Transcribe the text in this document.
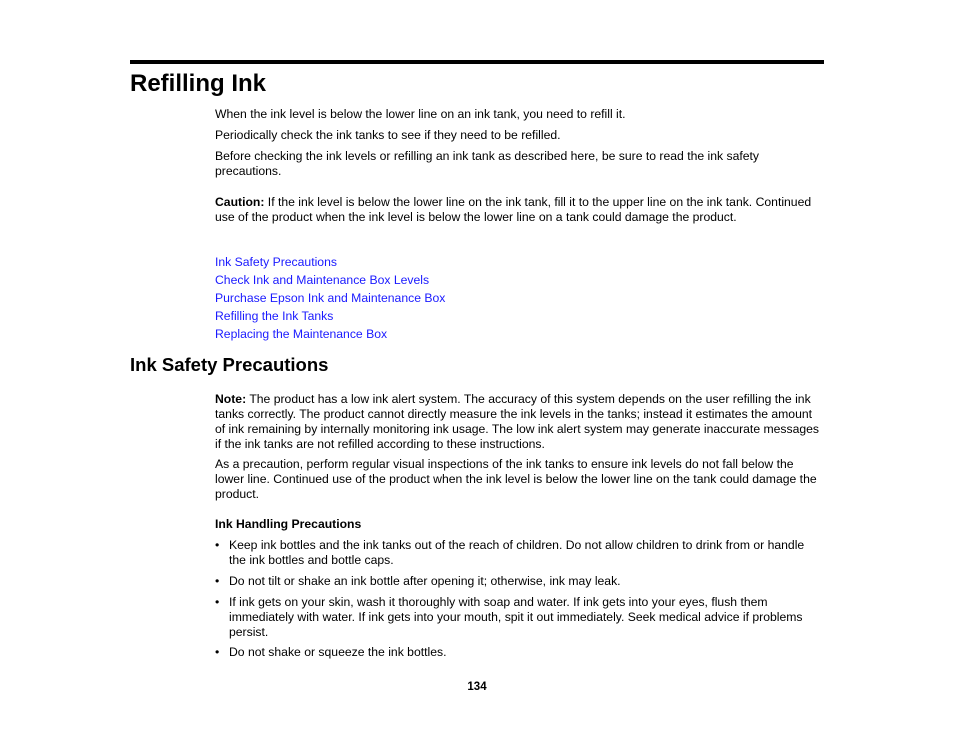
Refilling Ink

When the ink level is below the lower line on an ink tank, you need to refill it.

Periodically check the ink tanks to see if they need to be refilled.

Before checking the ink levels or refilling an ink tank as described here, be sure to read the ink safety precautions.

Caution: If the ink level is below the lower line on the ink tank, fill it to the upper line on the ink tank. Continued use of the product when the ink level is below the lower line on a tank could damage the product.

Ink Safety Precautions
Check Ink and Maintenance Box Levels
Purchase Epson Ink and Maintenance Box
Refilling the Ink Tanks
Replacing the Maintenance Box
Ink Safety Precautions

Note: The product has a low ink alert system. The accuracy of this system depends on the user refilling the ink tanks correctly. The product cannot directly measure the ink levels in the tanks; instead it estimates the amount of ink remaining by internally monitoring ink usage. The low ink alert system may generate inaccurate messages if the ink tanks are not refilled according to these instructions.

As a precaution, perform regular visual inspections of the ink tanks to ensure ink levels do not fall below the lower line. Continued use of the product when the ink level is below the lower line on the tank could damage the product.

Ink Handling Precautions
• Keep ink bottles and the ink tanks out of the reach of children. Do not allow children to drink from or handle the ink bottles and bottle caps.
• Do not tilt or shake an ink bottle after opening it; otherwise, ink may leak.
• If ink gets on your skin, wash it thoroughly with soap and water. If ink gets into your eyes, flush them immediately with water. If ink gets into your mouth, spit it out immediately. Seek medical advice if problems persist.
• Do not shake or squeeze the ink bottles.
134
